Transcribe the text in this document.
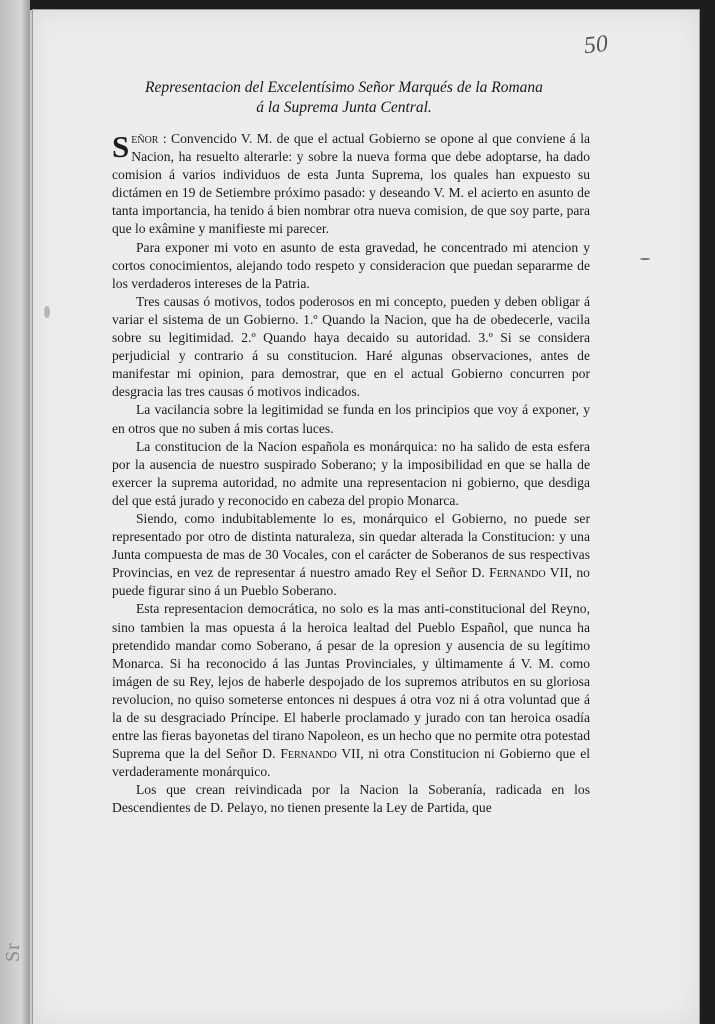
Sr
50
Representacion del Excelentísimo Señor Marqués de la Romana
á la Suprema Junta Central.

Señor : Convencido V. M. de que el actual Gobierno se opone al que conviene á la Nacion, ha resuelto alterarle: y sobre la nueva forma que debe adoptarse, ha dado comision á varios individuos de esta Junta Suprema, los quales han expuesto su dictámen en 19 de Setiembre próximo pasado: y deseando V. M. el acierto en asunto de tanta importancia, ha tenido á bien nombrar otra nueva comision, de que soy parte, para que lo exâmine y manifieste mi parecer.

Para exponer mi voto en asunto de esta gravedad, he concentrado mi atencion y cortos conocimientos, alejando todo respeto y consideracion que puedan separarme de los verdaderos intereses de la Patria.

Tres causas ó motivos, todos poderosos en mi concepto, pueden y deben obligar á variar el sistema de un Gobierno. 1.º Quando la Nacion, que ha de obedecerle, vacila sobre su legitimidad. 2.º Quando haya decaido su autoridad. 3.º Si se considera perjudicial y contrario á su constitucion. Haré algunas observaciones, antes de manifestar mi opinion, para demostrar, que en el actual Gobierno concurren por desgracia las tres causas ó motivos indicados.

La vacilancia sobre la legitimidad se funda en los principios que voy á exponer, y en otros que no suben á mis cortas luces.

La constitucion de la Nacion española es monárquica: no ha salido de esta esfera por la ausencia de nuestro suspirado Soberano; y la imposibilidad en que se halla de exercer la suprema autoridad, no admite una representacion ni gobierno, que desdiga del que está jurado y reconocido en cabeza del propio Monarca.

Siendo, como indubitablemente lo es, monárquico el Gobierno, no puede ser representado por otro de distinta naturaleza, sin quedar alterada la Constitucion: y una Junta compuesta de mas de 30 Vocales, con el carácter de Soberanos de sus respectivas Provincias, en vez de representar á nuestro amado Rey el Señor D. Fernando VII, no puede figurar sino á un Pueblo Soberano.

Esta representacion democrática, no solo es la mas anti-constitucional del Reyno, sino tambien la mas opuesta á la heroica lealtad del Pueblo Español, que nunca ha pretendido mandar como Soberano, á pesar de la opresion y ausencia de su legítimo Monarca. Si ha reconocido á las Juntas Provinciales, y últimamente á V. M. como imágen de su Rey, lejos de haberle despojado de los supremos atributos en su gloriosa revolucion, no quiso someterse entonces ni despues á otra voz ni á otra voluntad que á la de su desgraciado Príncipe. El haberle proclamado y jurado con tan heroica osadía entre las fieras bayonetas del tirano Napoleon, es un hecho que no permite otra potestad Suprema que la del Señor D. Fernando VII, ni otra Constitucion ni Gobierno que el verdaderamente monárquico.

Los que crean reivindicada por la Nacion la Soberanía, radicada en los Descendientes de D. Pelayo, no tienen presente la Ley de Partida, que
